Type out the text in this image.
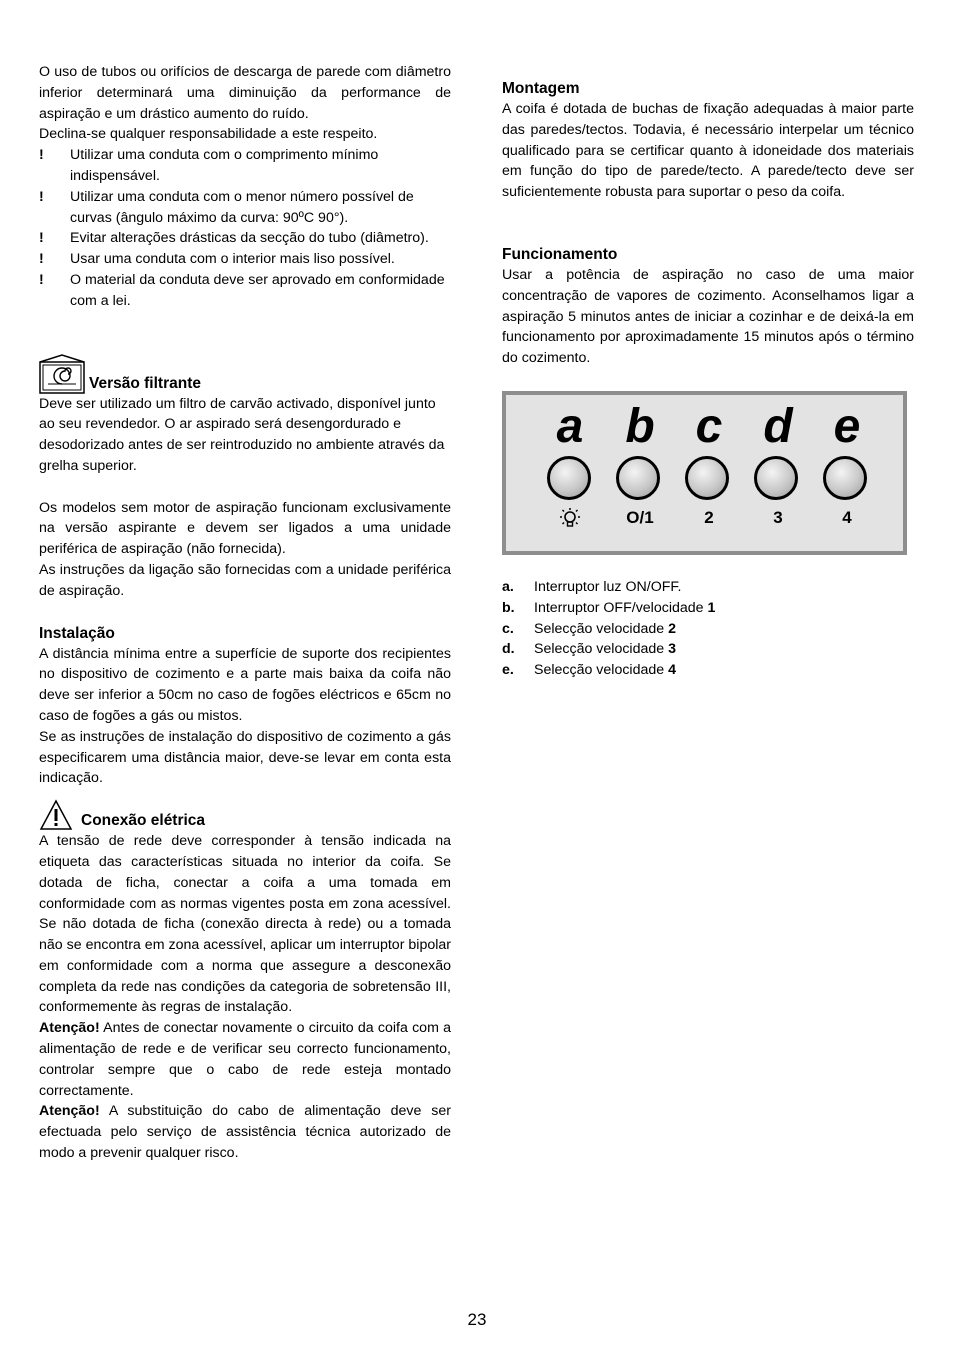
O uso de tubos ou orifícios de descarga de parede com diâmetro inferior determinará uma diminuição da performance de aspiração e um drástico aumento do ruído.

Declina-se qualquer responsabilidade a este respeito.

! Utilizar uma conduta com o comprimento mínimo indispensável.
! Utilizar uma conduta com o menor número possível de curvas (ângulo máximo da curva: 90ºC 90°).
! Evitar alterações drásticas da secção do tubo (diâmetro).
! Usar uma conduta com o interior mais liso possível.
! O material da conduta deve ser aprovado em conformidade com a lei.
Versão filtrante

Deve ser utilizado um filtro de carvão activado, disponível junto ao seu revendedor. O ar aspirado será desengordurado e desodorizado antes de ser reintroduzido no ambiente através da grelha superior.

Os modelos sem motor de aspiração funcionam exclusivamente na versão aspirante e devem ser ligados a uma unidade periférica de aspiração (não fornecida).

As instruções da ligação são fornecidas com a unidade periférica de aspiração.

Instalação

A distância mínima entre a superfície de suporte dos recipientes no dispositivo de cozimento e a parte mais baixa da coifa não deve ser inferior a 50cm no caso de fogões eléctricos e 65cm no caso de fogões a gás ou mistos.

Se as instruções de instalação do dispositivo de cozimento a gás especificarem uma distância maior, deve-se levar em conta esta indicação.

Conexão elétrica

A tensão de rede deve corresponder à tensão indicada na etiqueta das características situada no interior da coifa. Se dotada de ficha, conectar a coifa a uma tomada em conformidade com as normas vigentes posta em zona acessível. Se não dotada de ficha (conexão directa à rede) ou a tomada não se encontra em zona acessível, aplicar um interruptor bipolar em conformidade com a norma que assegure a desconexão completa da rede nas condições da categoria de sobretensão III, conformemente às regras de instalação.

Atenção! Antes de conectar novamente o circuito da coifa com a alimentação de rede e de verificar seu correcto funcionamento, controlar sempre que o cabo de rede esteja montado correctamente.

Atenção! A substituição do cabo de alimentação deve ser efectuada pelo serviço de assistência técnica autorizado de modo a prevenir qualquer risco.

Montagem

A coifa é dotada de buchas de fixação adequadas à maior parte das paredes/tectos. Todavia, é necessário interpelar um técnico qualificado para se certificar quanto à idoneidade dos materiais em função do tipo de parede/tecto. A parede/tecto deve ser suficientemente robusta para suportar o peso da coifa.

Funcionamento

Usar a potência de aspiração no caso de uma maior concentração de vapores de cozimento. Aconselhamos ligar a aspiração 5 minutos antes de iniciar a cozinhar e de deixá-la em funcionamento por aproximadamente 15 minutos após o término do cozimento.

a b c d e
O/1	2	3	4
a.	Interruptor luz ON/OFF.
b.	Interruptor OFF/velocidade 1
c.	Selecção velocidade 2
d.	Selecção velocidade 3
e.	Selecção velocidade 4
23
